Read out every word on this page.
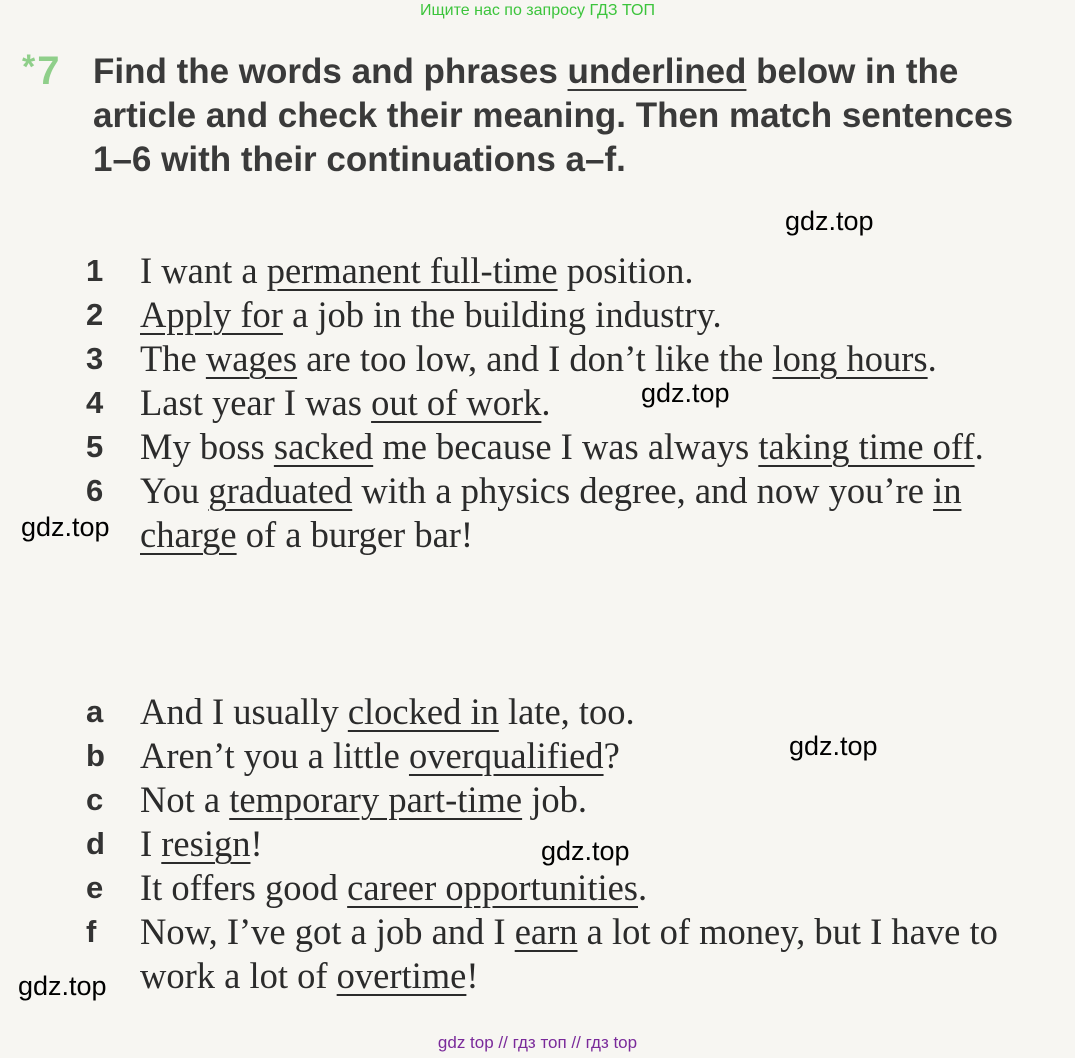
Ищите нас по запросу ГДЗ ТОП
*7 Find the words and phrases underlined below in the article and check their meaning. Then match sentences 1–6 with their continuations a–f.
1	I want a permanent full-time position.
2	Apply for a job in the building industry.
3	The wages are too low, and I don’t like the long hours.
4	Last year I was out of work.
5	My boss sacked me because I was always taking time off.
6	You graduated with a physics degree, and now you’re in charge of a burger bar!
a	And I usually clocked in late, too.
b Aren’t you a little overqualified?
c	Not a temporary part-time job.
d I resign!
e	It offers good career opportunities.
f	Now, I’ve got a job and I earn a lot of money, but I have to work a lot of overtime!
gdz.top
gdz.top
gdz.top
gdz.top
gdz.top
gdz.top
gdz top // гдз топ // гдз top
